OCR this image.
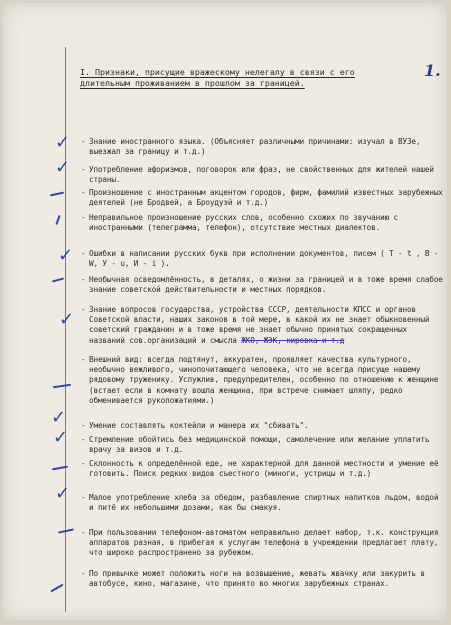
1.
I. Признаки, присущие вражескому нелегалу в связи с его длительным проживанием в прошлом за границей.
✓
✓
✓
✓
✓
✓
✓
-
-
-
-
-
-
-
-
-
-
-
-
-
-
Знание иностранного языка. (Объясняет различными причинами: изучал в ВУЗе, выезжал за границу и т.д.)
Употребление афоризмов, поговорок или фраз, не свойственных для жителей нашей страны.
Произношение с иностранным акцентом городов, фирм, фамилий известных зарубежных деятелей (не Бродвей, а Броудуэй и т.д.)
Неправильное произношение русских слов, особенно схожих по звучанию с иностранными (телеграмма, телефон), отсутствие местных диалектов.
Ошибки в написании русских букв при исполнении документов, писем ( Т - t , В - W, У - u, И - i ).
Необычная осведомлённость, в деталях, о жизни за границей и в тоже время слабое знание советской действительности и местных порядков.
Знание вопросов государства, устройства СССР, деятельности КПСС и органов Советской власти, наших законов в той мере, в какой их не знает обыкновенный советский гражданин и в тоже время не знает обычно принятых сокращенных названий сов.организаций и смысла ЖКО, ЖЭК, кировка и т.д
Внешний вид: всегда подтянут, аккуратен, проявляет качества культурного, необычно вежливого, чинопочитающего человека, что не всегда присуще нашему рядовому труженику. Услужлив, предупредителен, особенно по отношению к женщине (встает если в комнату вошла женщина, при встрече снимает шляпу, редко обменивается рукопожатиями.)
Умение составлять коктейли и манера их "сбивать".
Стремление обойтись без медицинской помощи, самолечение или желание уплатить врачу за визов и т.д.
Склонность к определённой еде, не характерной для данной местности и умение её готовить. Поиск редких видов съестного (миноги, устрицы и т.д.)
Малое употребление хлеба за обедом, разбавление спиртных напитков льдом, водой и питё их небольшими дозами, как бы смакуя.
При пользовании телефоном-автоматом неправильно делает набор, т.к. конструкция аппаратов разная, в прибегая к услугам телефона в учреждении предлагает плату, что широко распространено за рубежом.
По привычке может положить ноги на возвышение, жевать жвачку или закурить в автобусе, кино, магазине, что принято во многих зарубежных странах.
